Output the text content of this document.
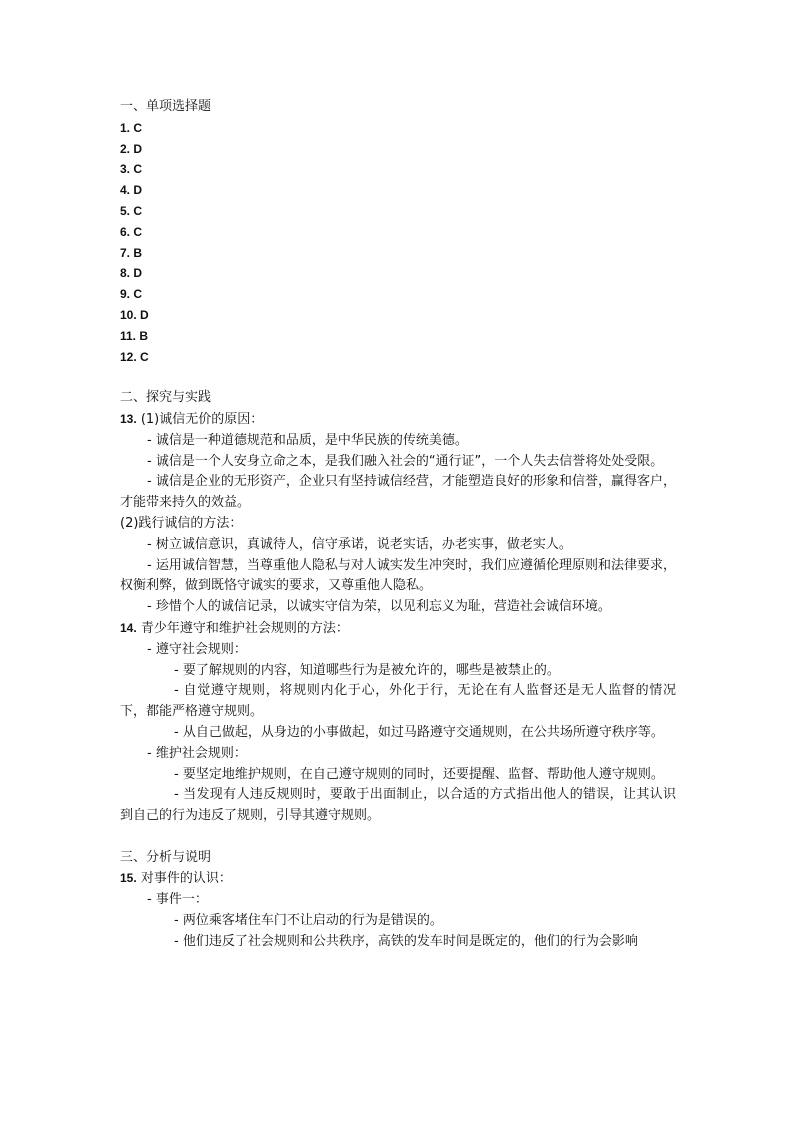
一、单项选择题
1. C
2. D
3. C
4. D
5. C
6. C
7. B
8. D
9. C
10. D
11. B
12. C
二、探究与实践
13. (1)诚信无价的原因：
- 诚信是一种道德规范和品质，是中华民族的传统美德。
- 诚信是一个人安身立命之本，是我们融入社会的“通行证”，一个人失去信誉将处处受限。
- 诚信是企业的无形资产，企业只有坚持诚信经营，才能塑造良好的形象和信誉，赢得客户，才能带来持久的效益。
(2)践行诚信的方法：
- 树立诚信意识，真诚待人，信守承诺，说老实话，办老实事，做老实人。
- 运用诚信智慧，当尊重他人隐私与对人诚实发生冲突时，我们应遵循伦理原则和法律要求，权衡利弊，做到既恪守诚实的要求，又尊重他人隐私。
- 珍惜个人的诚信记录，以诚实守信为荣，以见利忘义为耻，营造社会诚信环境。
14. 青少年遵守和维护社会规则的方法：
- 遵守社会规则：
- 要了解规则的内容，知道哪些行为是被允许的，哪些是被禁止的。
- 自觉遵守规则，将规则内化于心，外化于行，无论在有人监督还是无人监督的情况下，都能严格遵守规则。
- 从自己做起，从身边的小事做起，如过马路遵守交通规则，在公共场所遵守秩序等。
- 维护社会规则：
- 要坚定地维护规则，在自己遵守规则的同时，还要提醒、监督、帮助他人遵守规则。
- 当发现有人违反规则时，要敢于出面制止，以合适的方式指出他人的错误，让其认识到自己的行为违反了规则，引导其遵守规则。
三、分析与说明
15. 对事件的认识：
- 事件一：
- 两位乘客堵住车门不让启动的行为是错误的。
- 他们违反了社会规则和公共秩序，高铁的发车时间是既定的，他们的行为会影响
